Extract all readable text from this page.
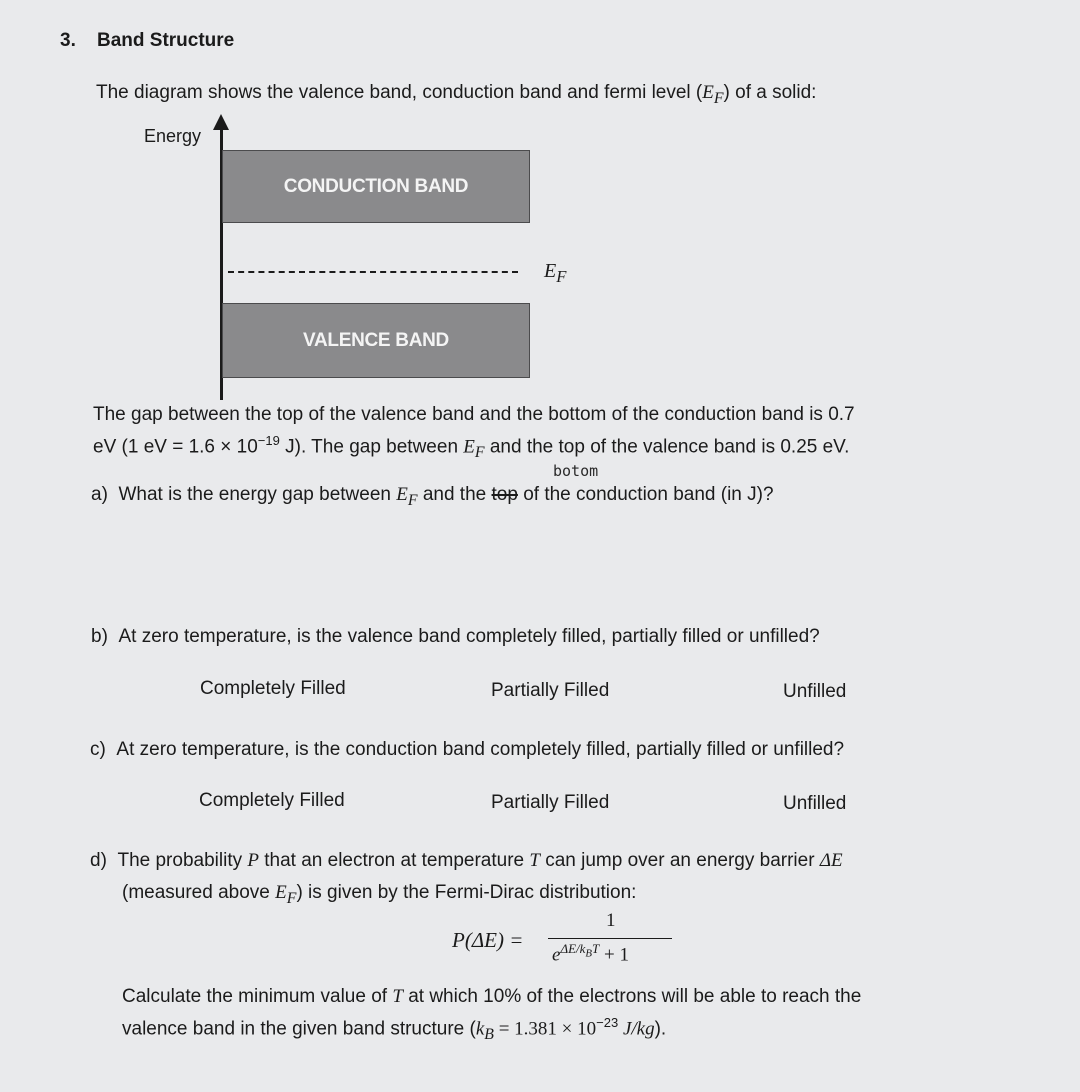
3. Band Structure
The diagram shows the valence band, conduction band and fermi level $(E_F)$ of a solid:
Energy
CONDUCTION BAND
$E_F$
VALENCE BAND
The gap between the top of the valence band and the bottom of the conduction band is 0.7
eV (1 eV = $1.6 \times 10^{-19}$ J). The gap between $E_F$ and the top of the valence band is 0.25 eV.
botom
a) What is the energy gap between $E_F$ and the top of the conduction band (in J)?
b) At zero temperature, is the valence band completely filled, partially filled or unfilled?
Completely Filled	Partially Filled	Unfilled
c) At zero temperature, is the conduction band completely filled, partially filled or unfilled?
Completely Filled	Partially Filled	Unfilled
d) The probability P that an electron at temperature T can jump over an energy barrier ΔE
(measured above $E_F$) is given by the Fermi-Dirac distribution:
P(ΔE) =
1
$e^{\Delta E/k_BT} + 1$
Calculate the minimum value of T at which 10% of the electrons will be able to reach the
valence band in the given band structure ($k_B = 1.381 \times 10^{-23}$ J/kg).
